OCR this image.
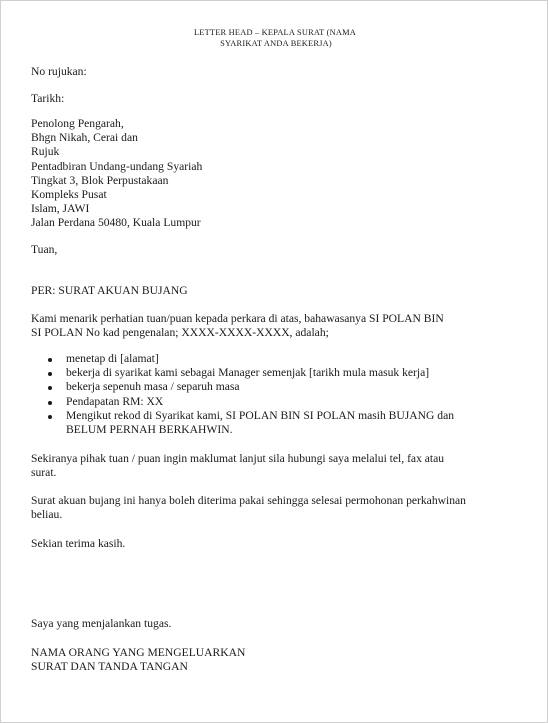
LETTER HEAD – KEPALA SURAT (NAMA
SYARIKAT ANDA BEKERJA)
No rujukan:
Tarikh:
Penolong Pengarah,
Bhgn Nikah, Cerai dan
Rujuk
Pentadbiran Undang-undang Syariah
Tingkat 3, Blok Perpustakaan
Kompleks Pusat
Islam, JAWI
Jalan Perdana 50480, Kuala Lumpur
Tuan,
PER: SURAT AKUAN BUJANG
Kami menarik perhatian tuan/puan kepada perkara di atas, bahawasanya SI POLAN BIN
SI POLAN No kad pengenalan; XXXX-XXXX-XXXX, adalah;
menetap di [alamat]
bekerja di syarikat kami sebagai Manager semenjak [tarikh mula masuk kerja]
bekerja sepenuh masa / separuh masa
Pendapatan RM: XX
Mengikut rekod di Syarikat kami, SI POLAN BIN SI POLAN masih BUJANG dan
BELUM PERNAH BERKAHWIN.
Sekiranya pihak tuan / puan ingin maklumat lanjut sila hubungi saya melalui tel, fax atau
surat.
Surat akuan bujang ini hanya boleh diterima pakai sehingga selesai permohonan perkahwinan
beliau.
Sekian terima kasih.
Saya yang menjalankan tugas.
NAMA ORANG YANG MENGELUARKAN
SURAT DAN TANDA TANGAN
